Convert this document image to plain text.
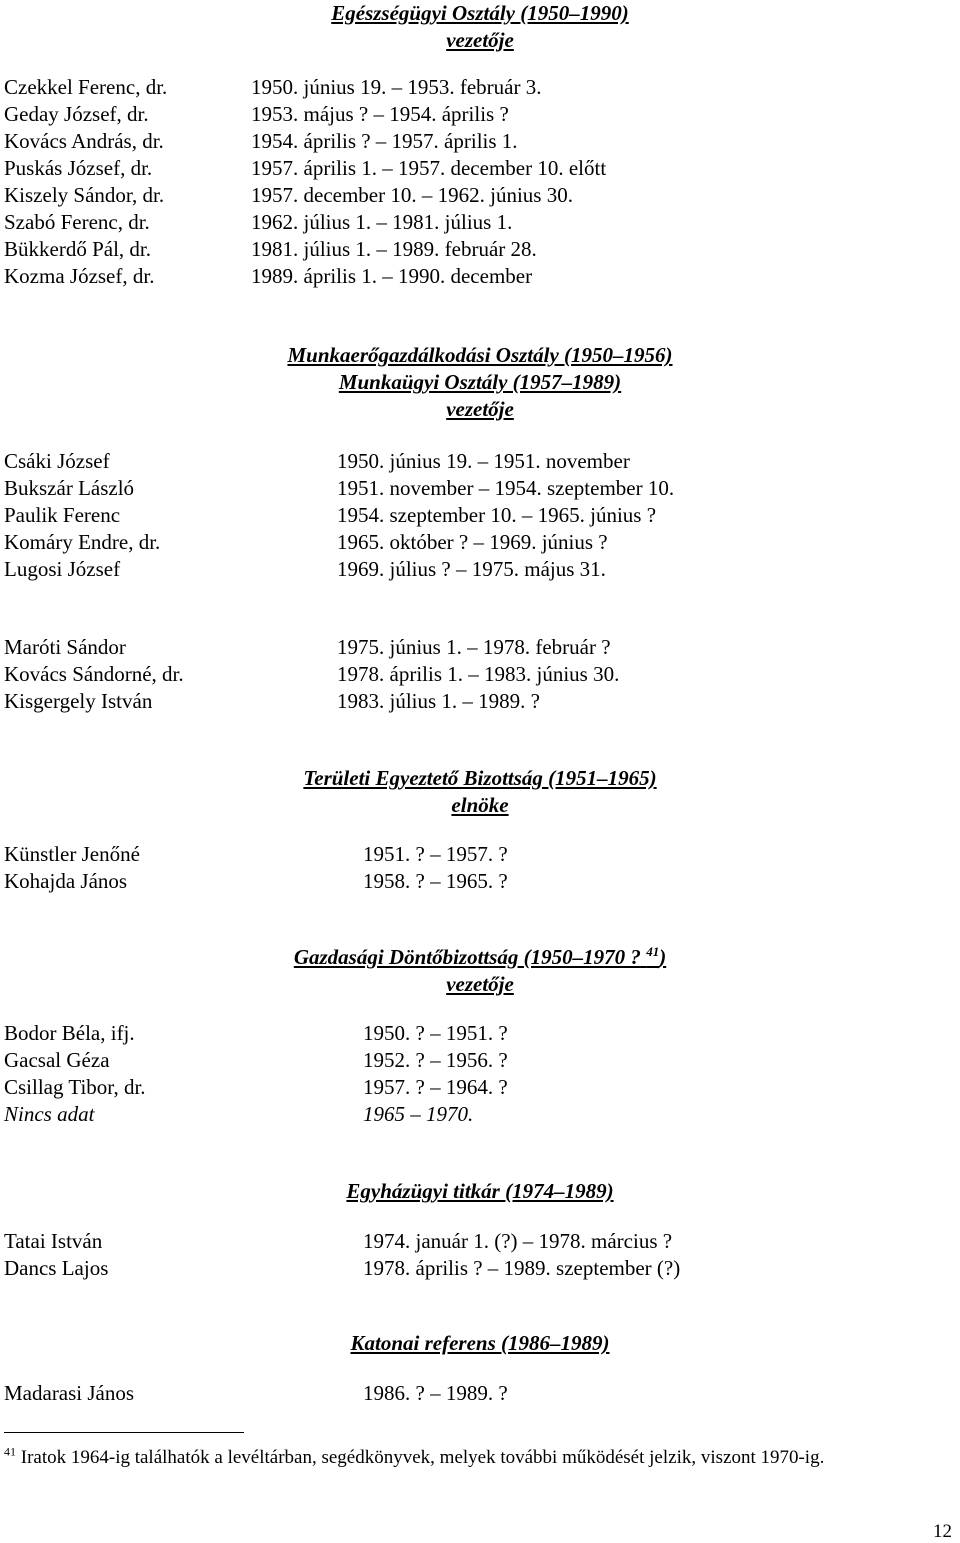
Egészségügyi Osztály (1950–1990)
vezetője
Czekkel Ferenc, dr.	1950. június 19. – 1953. február 3.
Geday József, dr.	1953. május ? – 1954. április ?
Kovács András, dr.	1954. április ? – 1957. április 1.
Puskás József, dr.	1957. április 1. – 1957. december 10. előtt
Kiszely Sándor, dr.	1957. december 10. – 1962. június 30.
Szabó Ferenc, dr.	1962. július 1. – 1981. július 1.
Bükkerdő Pál, dr.	1981. július 1. – 1989. február 28.
Kozma József, dr.	1989. április 1. – 1990. december
Munkaerőgazdálkodási Osztály (1950–1956)
Munkaügyi Osztály (1957–1989)
vezetője
Csáki József	1950. június 19. – 1951. november
Bukszár László	1951. november – 1954. szeptember 10.
Paulik Ferenc	1954. szeptember 10. – 1965. június ?
Komáry Endre, dr.	1965. október ? – 1969. június ?
Lugosi József	1969. július ? – 1975. május 31.
Maróti Sándor	1975. június 1. – 1978. február ?
Kovács Sándorné, dr.	1978. április 1. – 1983. június 30.
Kisgergely István	1983. július 1. – 1989. ?
Területi Egyeztető Bizottság (1951–1965)
elnöke
Künstler Jenőné	1951. ? – 1957. ?
Kohajda János	1958. ? – 1965. ?
Gazdasági Döntőbizottság (1950–1970 ? $^{41}$)
vezetője
Bodor Béla, ifj.	1950. ? – 1951. ?
Gacsal Géza	1952. ? – 1956. ?
Csillag Tibor, dr.	1957. ? – 1964. ?
Nincs adat	1965 – 1970.
Egyházügyi titkár (1974–1989)
Tatai István	1974. január 1. (?) – 1978. március ?
Dancs Lajos	1978. április ? – 1989. szeptember (?)
Katonai referens (1986–1989)
Madarasi János	1986. ? – 1989. ?
$^{41}$ Iratok 1964-ig találhatók a levéltárban, segédkönyvek, melyek további működését jelzik, viszont 1970-ig.
12
